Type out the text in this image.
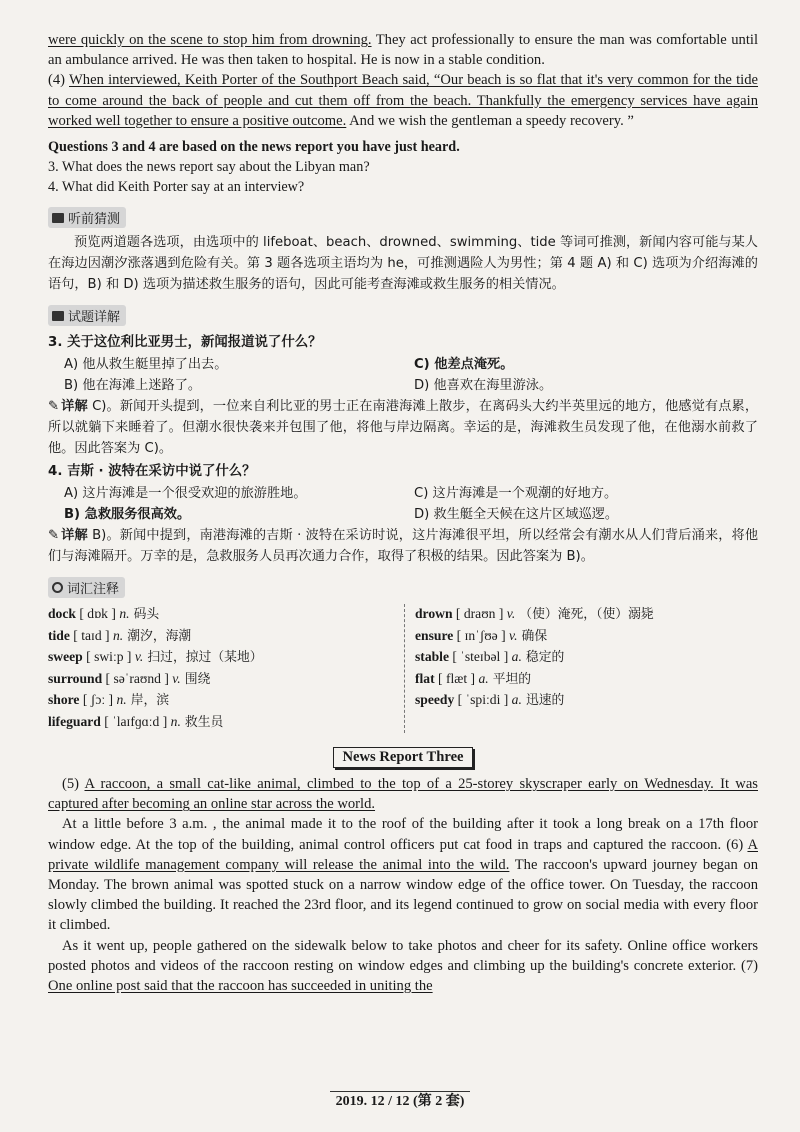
were quickly on the scene to stop him from drowning. They act professionally to ensure the man was comfortable until an ambulance arrived. He was then taken to hospital. He is now in a stable condition.

(4) When interviewed, Keith Porter of the Southport Beach said, “Our beach is so flat that it's very common for the tide to come around the back of people and cut them off from the beach. Thankfully the emergency services have again worked well together to ensure a positive outcome. And we wish the gentleman a speedy recovery. ”

Questions 3 and 4 are based on the news report you have just heard.

3. What does the news report say about the Libyan man?

4. What did Keith Porter say at an interview?

听前猜测

预览两道题各选项，由选项中的 lifeboat、beach、drowned、swimming、tide 等词可推测，新闻内容可能与某人在海边因潮汐涨落遇到危险有关。第 3 题各选项主语均为 he，可推测遇险人为男性；第 4 题 A) 和 C) 选项为介绍海滩的语句，B) 和 D) 选项为描述救生服务的语句，因此可能考查海滩或救生服务的相关情况。

试题详解

3. 关于这位利比亚男士，新闻报道说了什么？

A) 他从救生艇里掉了出去。	C) 他差点淹死。
B) 他在海滩上迷路了。	D) 他喜欢在海里游泳。

✎ 详解 C)。新闻开头提到，一位来自利比亚的男士正在南港海滩上散步，在离码头大约半英里远的地方，他感觉有点累，所以就躺下来睡着了。但潮水很快袭来并包围了他，将他与岸边隔离。幸运的是，海滩救生员发现了他，在他溺水前救了他。因此答案为 C)。

4. 吉斯 · 波特在采访中说了什么？

A) 这片海滩是一个很受欢迎的旅游胜地。	C) 这片海滩是一个观潮的好地方。
B) 急救服务很高效。	D) 救生艇全天候在这片区域巡逻。

✎ 详解 B)。新闻中提到，南港海滩的吉斯 · 波特在采访时说，这片海滩很平坦，所以经常会有潮水从人们背后涌来，将他们与海滩隔开。万幸的是，急救服务人员再次通力合作，取得了积极的结果。因此答案为 B)。

词汇注释
dock [ dɒk ] n. 码头
tide [ taɪd ] n. 潮汐，海潮
sweep [ swiːp ] v. 扫过，掠过（某地）
surround [ səˈraʊnd ] v. 围绕
shore [ ʃɔː ] n. 岸，滨
lifeguard [ ˈlaɪfɡɑːd ] n. 救生员
drown [ draʊn ] v. （使）淹死，（使）溺毙
ensure [ ɪnˈʃʊə ] v. 确保
stable [ ˈsteɪbəl ] a. 稳定的
flat [ flæt ] a. 平坦的
speedy [ ˈspiːdi ] a. 迅速的
News Report Three

(5) A raccoon, a small cat-like animal, climbed to the top of a 25-storey skyscraper early on Wednesday. It was captured after becoming an online star across the world.

At a little before 3 a.m. , the animal made it to the roof of the building after it took a long break on a 17th floor window edge. At the top of the building, animal control officers put cat food in traps and captured the raccoon. (6) A private wildlife management company will release the animal into the wild. The raccoon's upward journey began on Monday. The brown animal was spotted stuck on a narrow window edge of the office tower. On Tuesday, the raccoon slowly climbed the building. It reached the 23rd floor, and its legend continued to grow on social media with every floor it climbed.

As it went up, people gathered on the sidewalk below to take photos and cheer for its safety. Online office workers posted photos and videos of the raccoon resting on window edges and climbing up the building's concrete exterior. (7) One online post said that the raccoon has succeeded in uniting the

2019. 12 / 12 (第 2 套)
